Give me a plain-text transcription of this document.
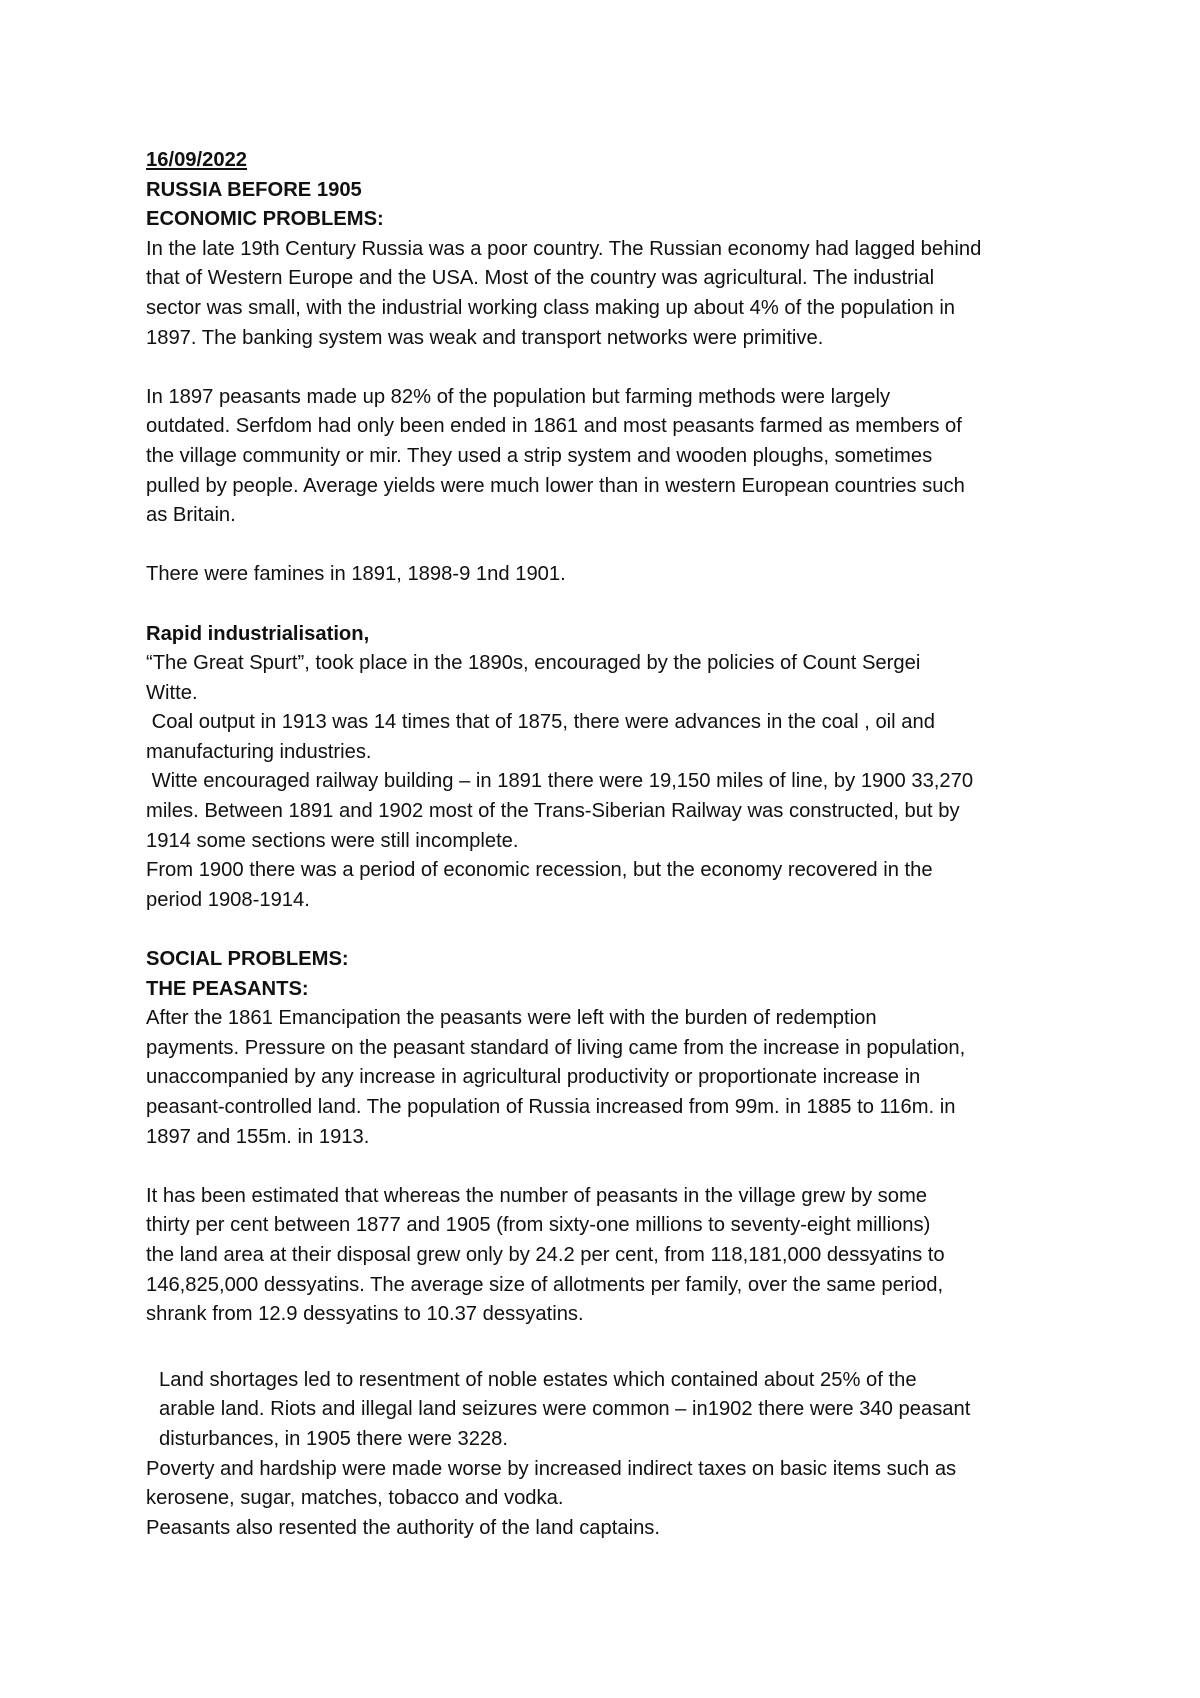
16/09/2022
RUSSIA BEFORE 1905
ECONOMIC PROBLEMS:
In the late 19th Century Russia was a poor country. The Russian economy had lagged behind
that of Western Europe and the USA. Most of the country was agricultural. The industrial
sector was small, with the industrial working class making up about 4% of the population in
1897. The banking system was weak and transport networks were primitive.
In 1897 peasants made up 82% of the population but farming methods were largely
outdated. Serfdom had only been ended in 1861 and most peasants farmed as members of
the village community or mir. They used a strip system and wooden ploughs, sometimes
pulled by people. Average yields were much lower than in western European countries such
as Britain.
There were famines in 1891, 1898-9 1nd 1901.
Rapid industrialisation,
“The Great Spurt”, took place in the 1890s, encouraged by the policies of Count Sergei
Witte.
Coal output in 1913 was 14 times that of 1875, there were advances in the coal , oil and
manufacturing industries.
Witte encouraged railway building – in 1891 there were 19,150 miles of line, by 1900 33,270
miles. Between 1891 and 1902 most of the Trans-Siberian Railway was constructed, but by
1914 some sections were still incomplete.
From 1900 there was a period of economic recession, but the economy recovered in the
period 1908-1914.
SOCIAL PROBLEMS:
THE PEASANTS:
After the 1861 Emancipation the peasants were left with the burden of redemption
payments. Pressure on the peasant standard of living came from the increase in population,
unaccompanied by any increase in agricultural productivity or proportionate increase in
peasant-controlled land. The population of Russia increased from 99m. in 1885 to 116m. in
1897 and 155m. in 1913.
It has been estimated that whereas the number of peasants in the village grew by some
thirty per cent between 1877 and 1905 (from sixty-one millions to seventy-eight millions)
the land area at their disposal grew only by 24.2 per cent, from 118,181,000 dessyatins to
146,825,000 dessyatins. The average size of allotments per family, over the same period,
shrank from 12.9 dessyatins to 10.37 dessyatins.
Land shortages led to resentment of noble estates which contained about 25% of the
arable land. Riots and illegal land seizures were common – in1902 there were 340 peasant
disturbances, in 1905 there were 3228.
Poverty and hardship were made worse by increased indirect taxes on basic items such as
kerosene, sugar, matches, tobacco and vodka.
Peasants also resented the authority of the land captains.
